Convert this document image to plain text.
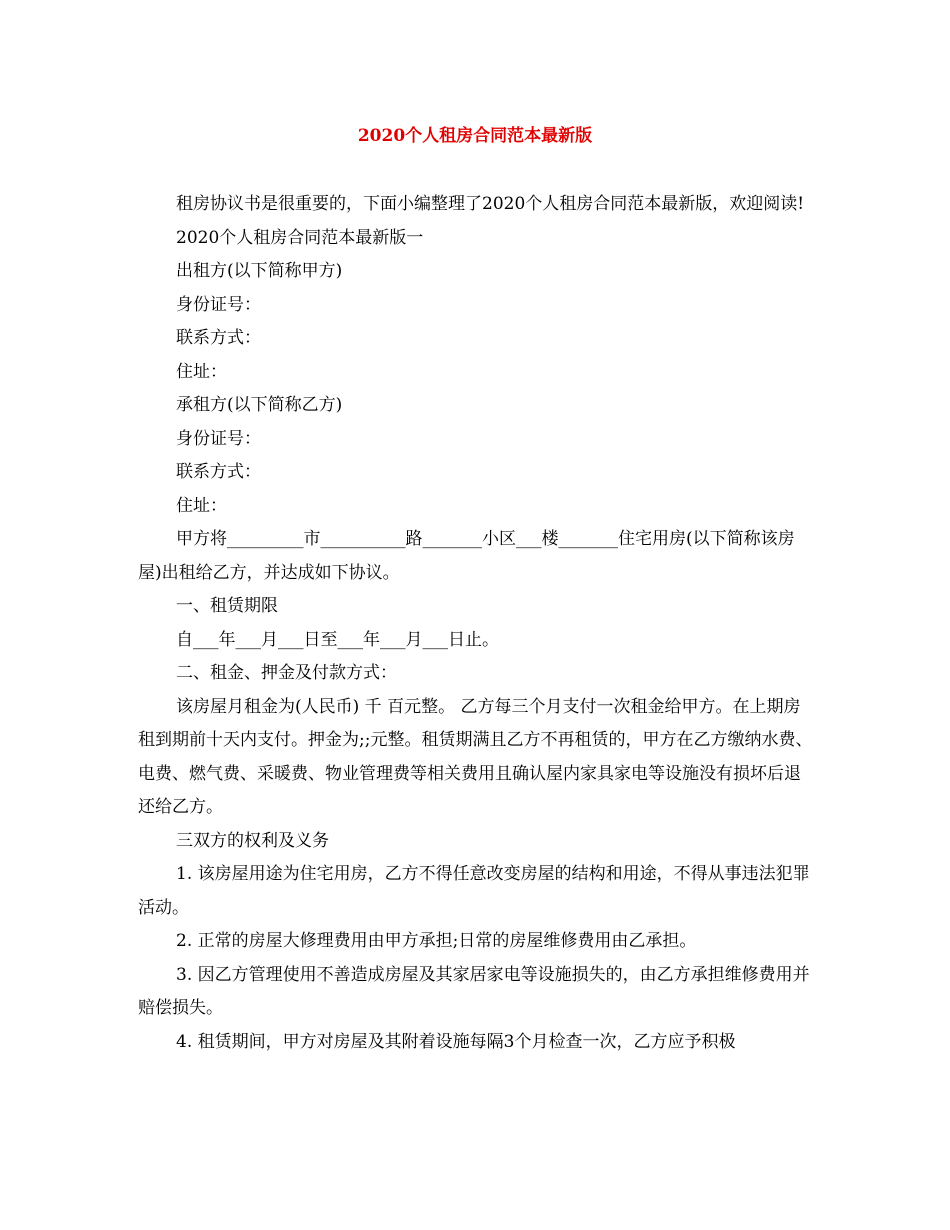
2020个人租房合同范本最新版

租房协议书是很重要的，下面小编整理了2020个人租房合同范本最新版，欢迎阅读!

2020个人租房合同范本最新版一

出租方(以下简称甲方)

身份证号：

联系方式：

住址：

承租方(以下简称乙方)

身份证号：

联系方式：

住址：

甲方将_________市__________路_______小区___楼_______住宅用房(以下简称该房屋)出租给乙方，并达成如下协议。

一、租赁期限

自___年___月___日至___年___月___日止。

二、租金、押金及付款方式：

该房屋月租金为(人民币) 千 百元整。 乙方每三个月支付一次租金给甲方。在上期房租到期前十天内支付。押金为;;元整。租赁期满且乙方不再租赁的，甲方在乙方缴纳水费、电费、燃气费、采暖费、物业管理费等相关费用且确认屋内家具家电等设施没有损坏后退还给乙方。

三双方的权利及义务

1. 该房屋用途为住宅用房，乙方不得任意改变房屋的结构和用途，不得从事违法犯罪活动。

2. 正常的房屋大修理费用由甲方承担;日常的房屋维修费用由乙承担。

3. 因乙方管理使用不善造成房屋及其家居家电等设施损失的，由乙方承担维修费用并赔偿损失。

4. 租赁期间，甲方对房屋及其附着设施每隔3个月检查一次，乙方应予积极
